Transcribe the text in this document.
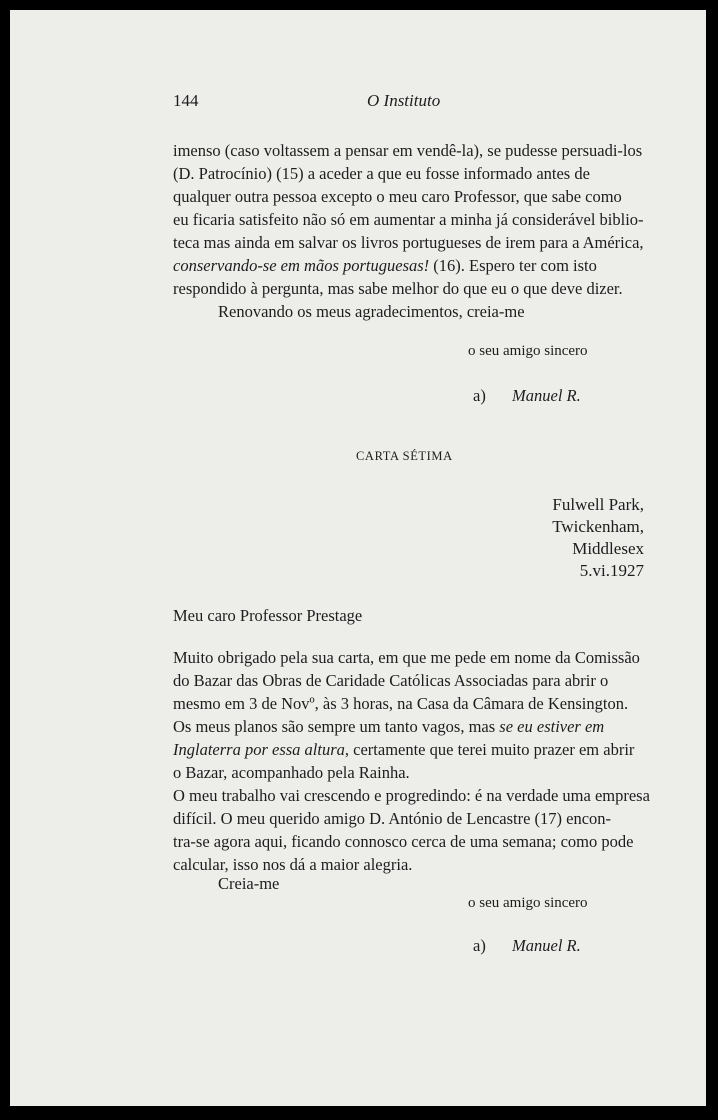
144	O Instituto
imenso (caso voltassem a pensar em vendê-la), se pudesse persuadi-los
(D. Patrocínio) (15) a aceder a que eu fosse informado antes de
qualquer outra pessoa excepto o meu caro Professor, que sabe como
eu ficaria satisfeito não só em aumentar a minha já considerável biblio-
teca mas ainda em salvar os livros portugueses de irem para a América,
conservando-se em mãos portuguesas! (16). Espero ter com isto
respondido à pergunta, mas sabe melhor do que eu o que deve dizer.
Renovando os meus agradecimentos, creia-me
o seu amigo sincero
a) Manuel R.
CARTA SÉTIMA
Fulwell Park,
Twickenham,
Middlesex
5.vi.1927
Meu caro Professor Prestage
Muito obrigado pela sua carta, em que me pede em nome da Comissão
do Bazar das Obras de Caridade Católicas Associadas para abrir o
mesmo em 3 de Novº, às 3 horas, na Casa da Câmara de Kensington.
Os meus planos são sempre um tanto vagos, mas se eu estiver em
Inglaterra por essa altura, certamente que terei muito prazer em abrir
o Bazar, acompanhado pela Rainha.
O meu trabalho vai crescendo e progredindo: é na verdade uma empresa
difícil. O meu querido amigo D. António de Lencastre (17) encon-
tra-se agora aqui, ficando connosco cerca de uma semana; como pode
calcular, isso nos dá a maior alegria.
Creia-me
o seu amigo sincero
a) Manuel R.
